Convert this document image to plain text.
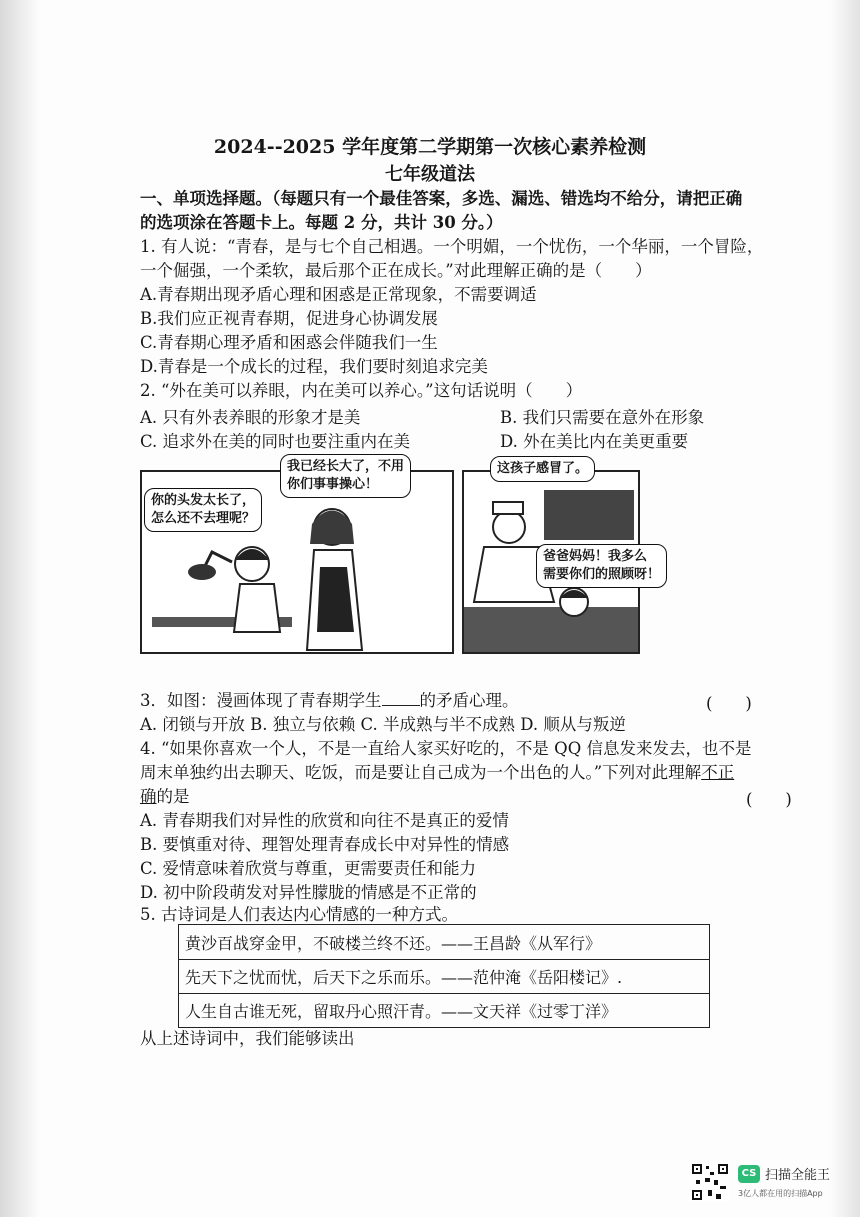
2024--2025 学年度第二学期第一次核心素养检测
七年级道法
一、单项选择题。（每题只有一个最佳答案，多选、漏选、错选均不给分，请把正确
的选项涂在答题卡上。每题 2 分，共计 30 分。）
1. 有人说：“青春，是与七个自己相遇。一个明媚，一个忧伤，一个华丽，一个冒险，
一个倔强，一个柔软，最后那个正在成长。”对此理解正确的是（　　）
A.青春期出现矛盾心理和困惑是正常现象，不需要调适
B.我们应正视青春期，促进身心协调发展
C.青春期心理矛盾和困惑会伴随我们一生
D.青春是一个成长的过程，我们要时刻追求完美
2. “外在美可以养眼，内在美可以养心。”这句话说明（　　）
A. 只有外表养眼的形象才是美	B. 我们只需要在意外在形象
C. 追求外在美的同时也要注重内在美	D. 外在美比内在美更重要
你的头发太长了，
怎么还不去理呢？
我已经长大了，不用
你们事事操心！
这孩子感冒了。
爸爸妈妈！我多么
需要你们的照顾呀！
3．如图：漫画体现了青春期学生 的矛盾心理。	(　　)
A. 闭锁与开放 B. 独立与依赖 C. 半成熟与半不成熟 D. 顺从与叛逆
4. “如果你喜欢一个人，不是一直给人家买好吃的，不是 QQ 信息发来发去，也不是
周末单独约出去聊天、吃饭，而是要让自己成为一个出色的人。”下列对此理解不正
确的是	(　　)
A. 青春期我们对异性的欣赏和向往不是真正的爱情
B. 要慎重对待、理智处理青春成长中对异性的情感
C. 爱情意味着欣赏与尊重，更需要责任和能力
D. 初中阶段萌发对异性朦胧的情感是不正常的
5. 古诗词是人们表达内心情感的一种方式。
黄沙百战穿金甲，不破楼兰终不还。——王昌龄《从军行》
先天下之忧而忧，后天下之乐而乐。——范仲淹《岳阳楼记》.
人生自古谁无死，留取丹心照汗青。——文天祥《过零丁洋》
从上述诗词中，我们能够读出
CS 扫描全能王
3亿人都在用的扫描App
